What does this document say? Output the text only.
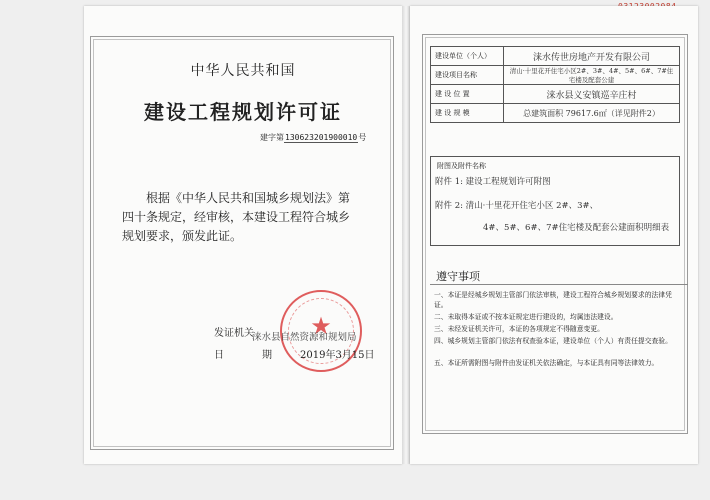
中华人民共和国
建设工程规划许可证
建字第130623201900010号
根据《中华人民共和国城乡规划法》第四十条规定，经审核，本建设工程符合城乡规划要求，颁发此证。
★
发证机关
涞水县自然资源和规划局
日	期	2019年3月15日
建设单位（个人）	涞水传世房地产开发有限公司
建设项目名称	清山·十里花开住宅小区2#、3#、4#、5#、6#、7#住宅楼及配套公建
建 设 位 置	涞水县义安镇巡辛庄村
建 设 规 模	总建筑面积 79617.6㎡（详见附件2）
附图及附件名称
附件 1: 建设工程规划许可附图
附件 2: 清山·十里花开住宅小区 2#、3#、
4#、5#、6#、7#住宅楼及配套公建面积明细表
遵守事项
一、本证是经城乡规划主管部门依法审核，建设工程符合城乡规划要求的法律凭证。
二、未取得本证或不按本证规定进行建设的，均属违法建设。
三、未经发证机关许可，本证的各项规定不得随意变更。
四、城乡规划主管部门依法有权查验本证，建设单位（个人）有责任提交查验。
五、本证所需附图与附件由发证机关依法确定，与本证具有同等法律效力。
